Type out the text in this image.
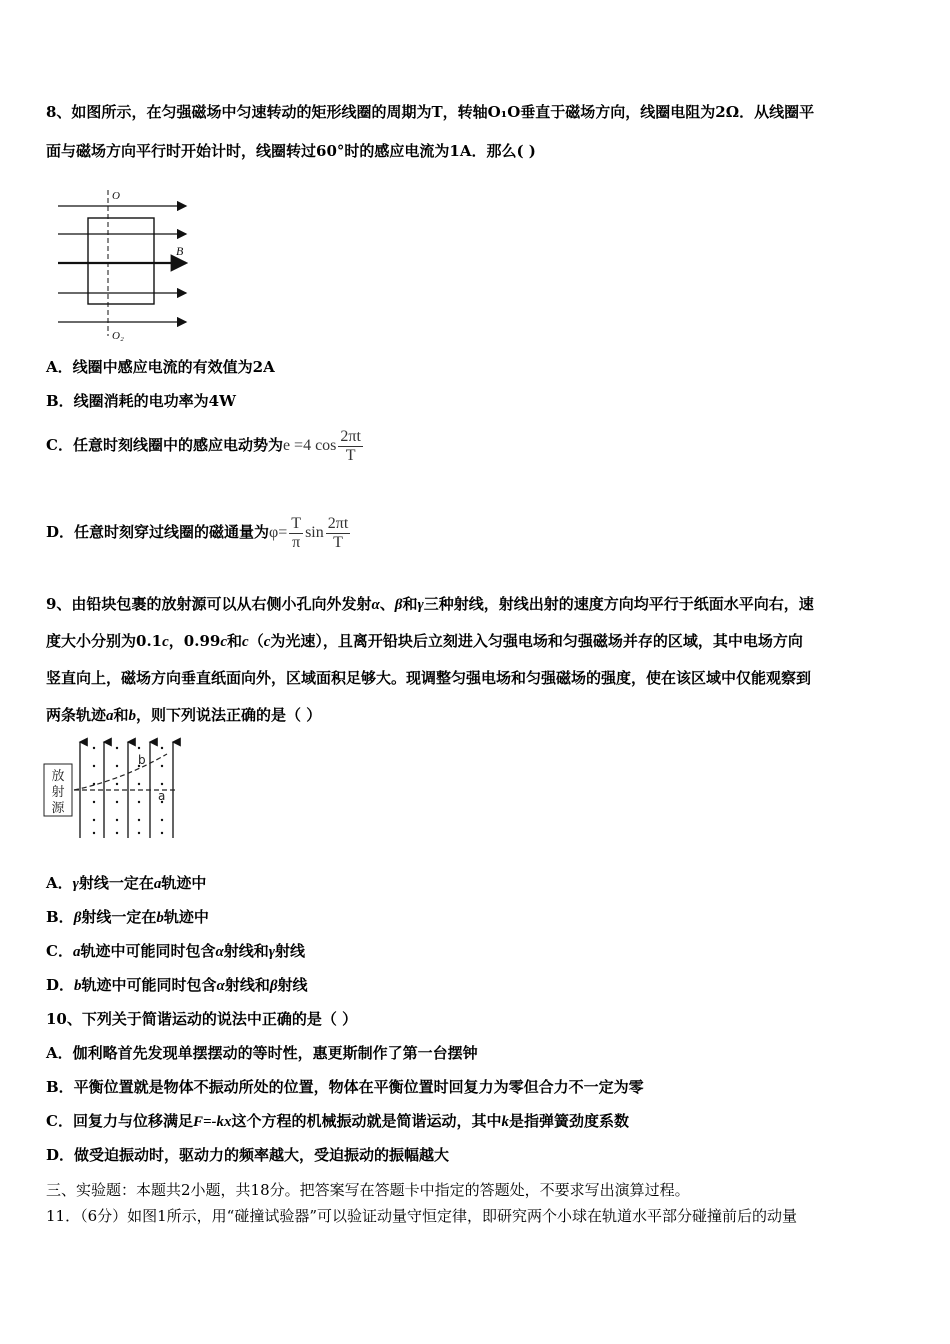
8、如图所示，在匀强磁场中匀速转动的矩形线圈的周期为T，转轴O₁O垂直于磁场方向，线圈电阻为2Ω．从线圈平
面与磁场方向平行时开始计时，线圈转过60°时的感应电流为1A．那么( )
O
O₂
B
A．线圈中感应电流的有效值为2A
B．线圈消耗的电功率为4W
C．任意时刻线圈中的感应电动势为e =4 $\cos \frac{2\pi t}{T}$
D．任意时刻穿过线圈的磁通量为$\varphi= \frac{T}{\pi}$ $\sin \frac{2\pi t}{T}$
9、由铅块包裹的放射源可以从右侧小孔向外发射α、β和γ三种射线，射线出射的速度方向均平行于纸面水平向右，速
度大小分别为0.1c，0.99c和c（c为光速），且离开铅块后立刻进入匀强电场和匀强磁场并存的区域，其中电场方向
竖直向上，磁场方向垂直纸面向外，区域面积足够大。现调整匀强电场和匀强磁场的强度，使在该区域中仅能观察到
两条轨迹a和b，则下列说法正确的是（ ）
放
射
源
b
a
A．γ射线一定在a轨迹中
B．β射线一定在b轨迹中
C．a轨迹中可能同时包含α射线和γ射线
D．b轨迹中可能同时包含α射线和β射线
10、下列关于简谐运动的说法中正确的是（ ）
A．伽利略首先发现单摆摆动的等时性，惠更斯制作了第一台摆钟
B．平衡位置就是物体不振动所处的位置，物体在平衡位置时回复力为零但合力不一定为零
C．回复力与位移满足F=-kx这个方程的机械振动就是简谐运动，其中k是指弹簧劲度系数
D．做受迫振动时，驱动力的频率越大，受迫振动的振幅越大
三、实验题：本题共2小题，共18分。把答案写在答题卡中指定的答题处，不要求写出演算过程。
11．（6分）如图1所示，用“碰撞试验器”可以验证动量守恒定律，即研究两个小球在轨道水平部分碰撞前后的动量
